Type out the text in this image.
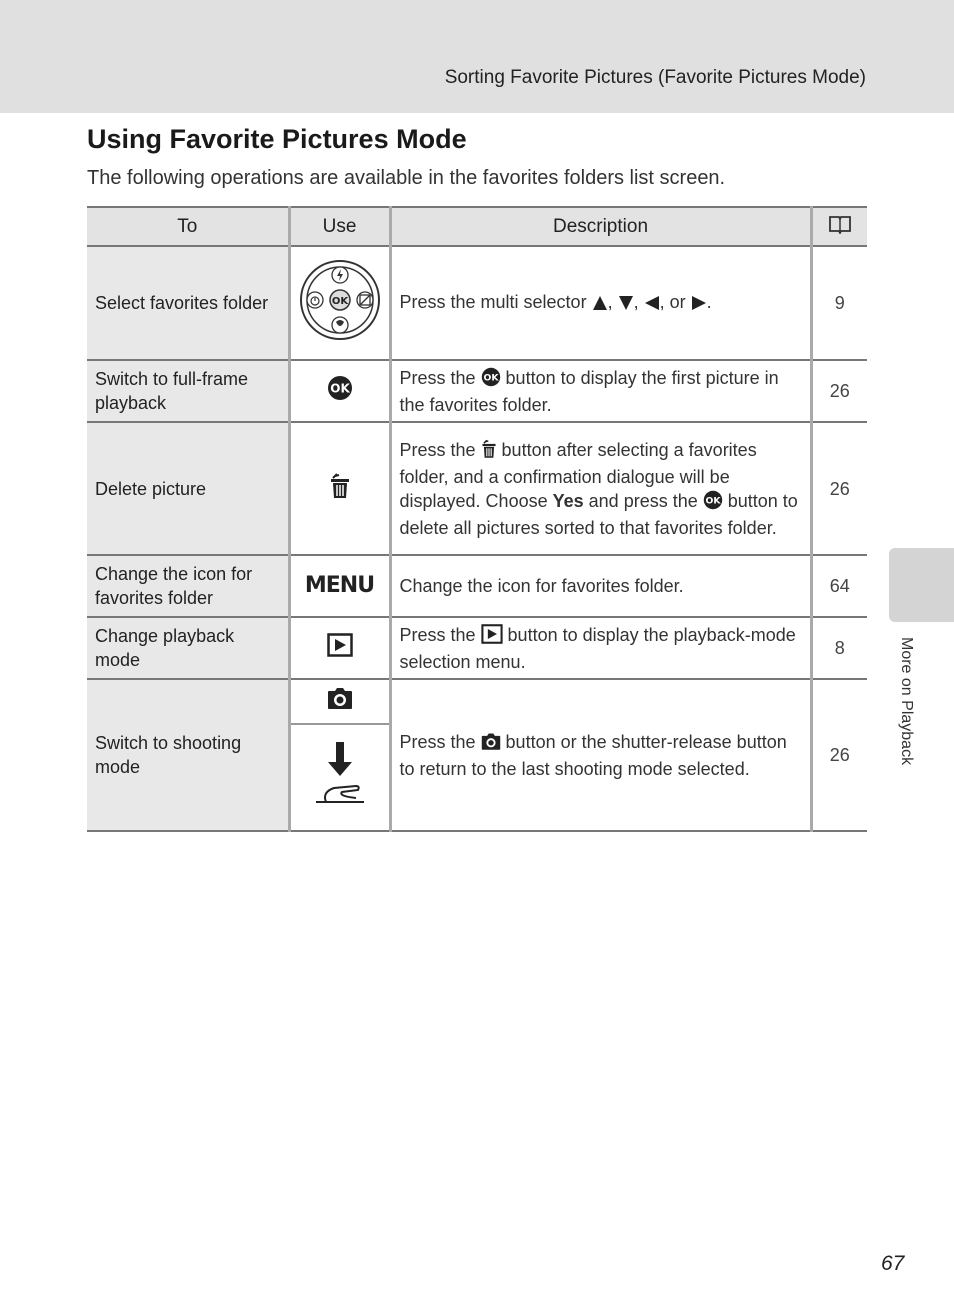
Sorting Favorite Pictures (Favorite Pictures Mode)
Using Favorite Pictures Mode
The following operations are available in the favorites folders list screen.
To	Use	Description	
Select favorites folder	OK	Press the multi selector , , , or .	9
Switch to full-frame playback	OK	Press the OK button to display the first picture in the favorites folder.	26
Delete picture		Press the  button after selecting a favorites folder, and a confirmation dialogue will be displayed. Choose Yes and press the OK button to delete all pictures sorted to that favorites folder.	26
Change the icon for favorites folder	MENU	Change the icon for favorites folder.	64
Change playback mode		Press the  button to display the playback-mode selection menu.	8
Switch to shooting mode		Press the  button or the shutter-release button to return to the last shooting mode selected.	26	More on Playback
67
